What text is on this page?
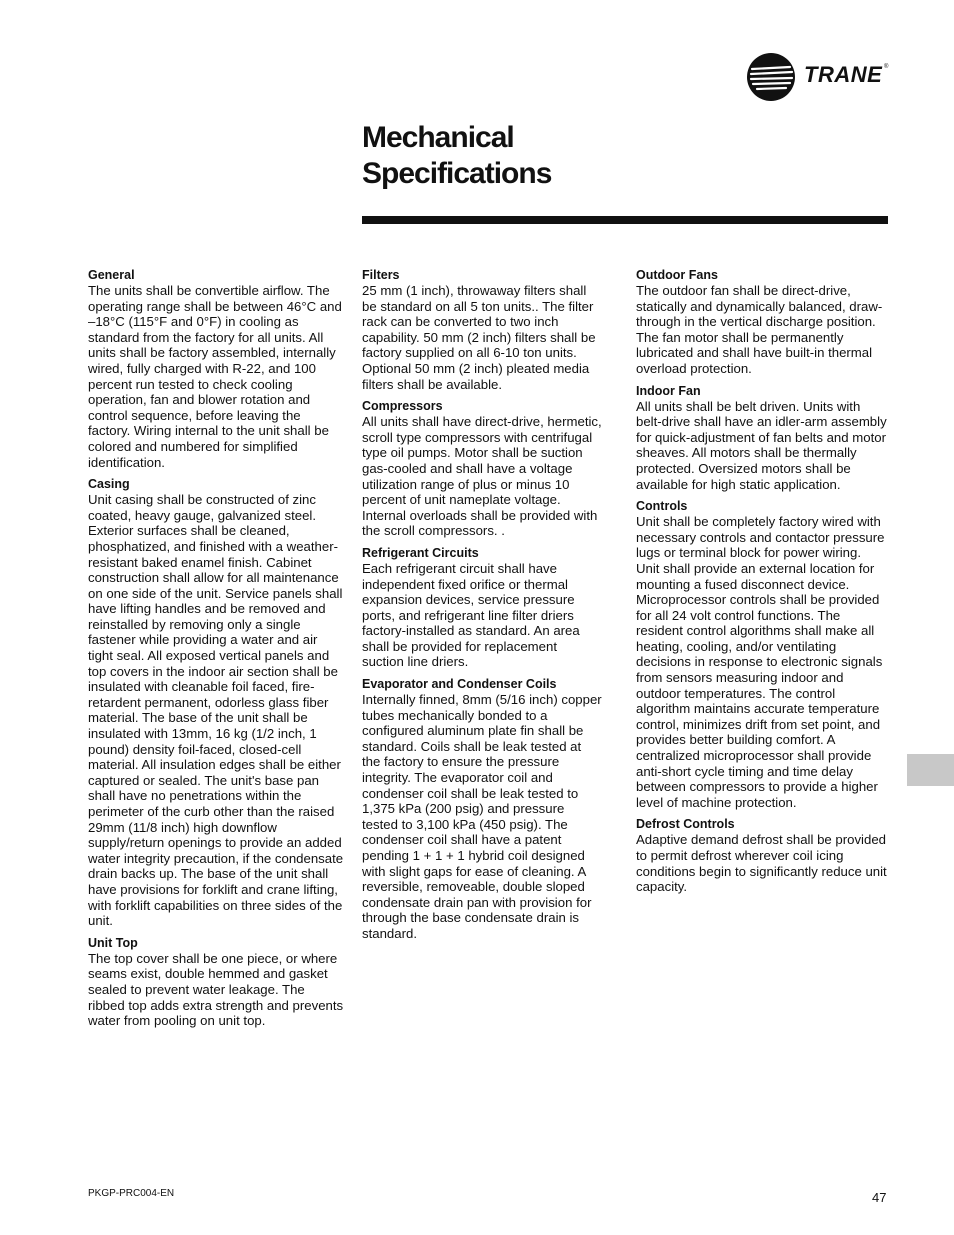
TRANE ®
Mechanical
Specifications
General

The units shall be convertible airflow. The operating range shall be between 46°C and –18°C (115°F and 0°F) in cooling as standard from the factory for all units. All units shall be factory assembled, internally wired, fully charged with R-22, and 100 percent run tested to check cooling operation, fan and blower rotation and control sequence, before leaving the factory. Wiring internal to the unit shall be colored and numbered for simplified identification.

Casing

Unit casing shall be constructed of zinc coated, heavy gauge, galvanized steel. Exterior surfaces shall be cleaned, phosphatized, and finished with a weather-resistant baked enamel finish. Cabinet construction shall allow for all maintenance on one side of the unit. Service panels shall have lifting handles and be removed and reinstalled by removing only a single fastener while providing a water and air tight seal. All exposed vertical panels and top covers in the indoor air section shall be insulated with cleanable foil faced, fire-retardent permanent, odorless glass fiber material. The base of the unit shall be insulated with 13mm, 16 kg (1/2 inch, 1 pound) density foil-faced, closed-cell material. All insulation edges shall be either captured or sealed. The unit's base pan shall have no penetrations within the perimeter of the curb other than the raised 29mm (11/8 inch) high downflow supply/return openings to provide an added water integrity precaution, if the condensate drain backs up. The base of the unit shall have provisions for forklift and crane lifting, with forklift capabilities on three sides of the unit.

Unit Top

The top cover shall be one piece, or where seams exist, double hemmed and gasket sealed to prevent water leakage. The ribbed top adds extra strength and prevents water from pooling on unit top.

Filters

25 mm (1 inch), throwaway filters shall be standard on all 5 ton units.. The filter rack can be converted to two inch capability. 50 mm (2 inch) filters shall be factory supplied on all 6-10 ton units. Optional 50 mm (2 inch) pleated media filters shall be available.

Compressors

All units shall have direct-drive, hermetic, scroll type compressors with centrifugal type oil pumps. Motor shall be suction gas-cooled and shall have a voltage utilization range of plus or minus 10 percent of unit nameplate voltage. Internal overloads shall be provided with the scroll compressors. .

Refrigerant Circuits

Each refrigerant circuit shall have independent fixed orifice or thermal expansion devices, service pressure ports, and refrigerant line filter driers factory-installed as standard. An area shall be provided for replacement suction line driers.

Evaporator and Condenser Coils

Internally finned, 8mm (5/16 inch) copper tubes mechanically bonded to a configured aluminum plate fin shall be standard. Coils shall be leak tested at the factory to ensure the pressure integrity. The evaporator coil and condenser coil shall be leak tested to 1,375 kPa (200 psig) and pressure tested to 3,100 kPa (450 psig). The condenser coil shall have a patent pending 1 + 1 + 1 hybrid coil designed with slight gaps for ease of cleaning. A reversible, removeable, double sloped condensate drain pan with provision for through the base condensate drain is standard.

Outdoor Fans

The outdoor fan shall be direct-drive, statically and dynamically balanced, draw-through in the vertical discharge position. The fan motor shall be permanently lubricated and shall have built-in thermal overload protection.

Indoor Fan

All units shall be belt driven. Units with belt-drive shall have an idler-arm assembly for quick-adjustment of fan belts and motor sheaves. All motors shall be thermally protected. Oversized motors shall be available for high static application.

Controls

Unit shall be completely factory wired with necessary controls and contactor pressure lugs or terminal block for power wiring. Unit shall provide an external location for mounting a fused disconnect device. Microprocessor controls shall be provided for all 24 volt control functions. The resident control algorithms shall make all heating, cooling, and/or ventilating decisions in response to electronic signals from sensors measuring indoor and outdoor temperatures. The control algorithm maintains accurate temperature control, minimizes drift from set point, and provides better building comfort. A centralized microprocessor shall provide anti-short cycle timing and time delay between compressors to provide a higher level of machine protection.

Defrost Controls

Adaptive demand defrost shall be provided to permit defrost wherever coil icing conditions begin to significantly reduce unit capacity.

PKGP-PRC004-EN	47
